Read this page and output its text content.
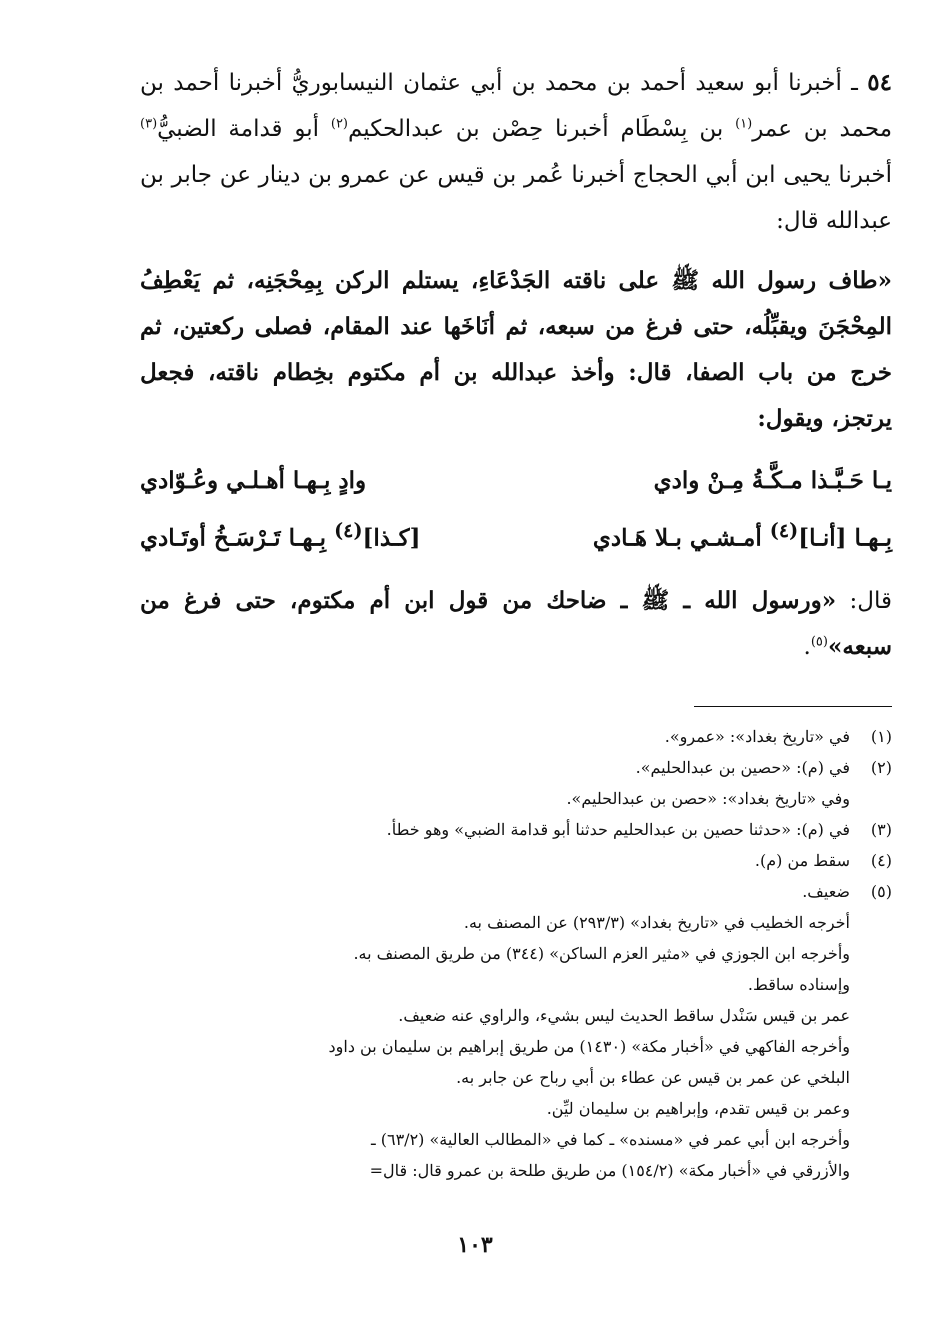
٥٤ ـ أخبرنا أبو سعيد أحمد بن محمد بن أبي عثمان النيسابوريُّ أخبرنا أحمد بن محمد بن عمر$^{(١)}$ بن بِسْطَام أخبرنا حِصْن بن عبدالحكيم$^{(٢)}$ أبو قدامة الضبيُّ$^{(٣)}$ أخبرنا يحيى ابن أبي الحجاج أخبرنا عُمر بن قيس عن عمرو بن دينار عن جابر بن عبدالله قال:

«طاف رسول الله ﷺ على ناقته الجَدْعَاءِ، يستلم الركن بِمِحْجَنِه، ثم يَعْطِفُ المِحْجَنَ ويقبِّلُه، حتى فرغ من سبعه، ثم أنَاخَها عند المقام، فصلى ركعتين، ثم خرج من باب الصفا، قال: وأخذ عبدالله بن أم مكتوم بخِطام ناقته، فجعل يرتجز، ويقول:

يـا حَـبَّـذا مـكَّـةُ مِـنْ وادي
وادٍ بِـهـا أهـلـي وعُـوّادي
بِـهـا [أنـا]$^{(٤)}$ أمـشـي بـلا هَـادي
[كـذا]$^{(٤)}$ بِـهـا تَـرْسَـخُ أوتَـادي

قال: «ورسول الله ـ ﷺ ـ ضاحك من قول ابن أم مكتوم، حتى فرغ من سبعه»$^{(٥)}$.

(١)
في «تاريخ بغداد»: «عمرو».
(٢)
في (م): «حصين بن عبدالحليم».
وفي «تاريخ بغداد»: «حصن بن عبدالحليم».
(٣)
في (م): «حدثنا حصين بن عبدالحليم حدثنا أبو قدامة الضبي» وهو خطأ.
(٤)
سقط من (م).
(٥)
ضعيف.
أخرجه الخطيب في «تاريخ بغداد» (٢٩٣/٣) عن المصنف به.
وأخرجه ابن الجوزي في «مثير العزم الساكن» (٣٤٤) من طريق المصنف به.
وإسناده ساقط.
عمر بن قيس سَنْدل ساقط الحديث ليس بشيء، والراوي عنه ضعيف.
وأخرجه الفاكهي في «أخبار مكة» (١٤٣٠) من طريق إبراهيم بن سليمان بن داود
البلخي عن عمر بن قيس عن عطاء بن أبي رباح عن جابر به.
وعمر بن قيس تقدم، وإبراهيم بن سليمان ليِّن.
وأخرجه ابن أبي عمر في «مسنده» ـ كما في «المطالب العالية» (٦٣/٢) ـ
والأزرقي في «أخبار مكة» (١٥٤/٢) من طريق طلحة بن عمرو قال: قال=
١٠٣
